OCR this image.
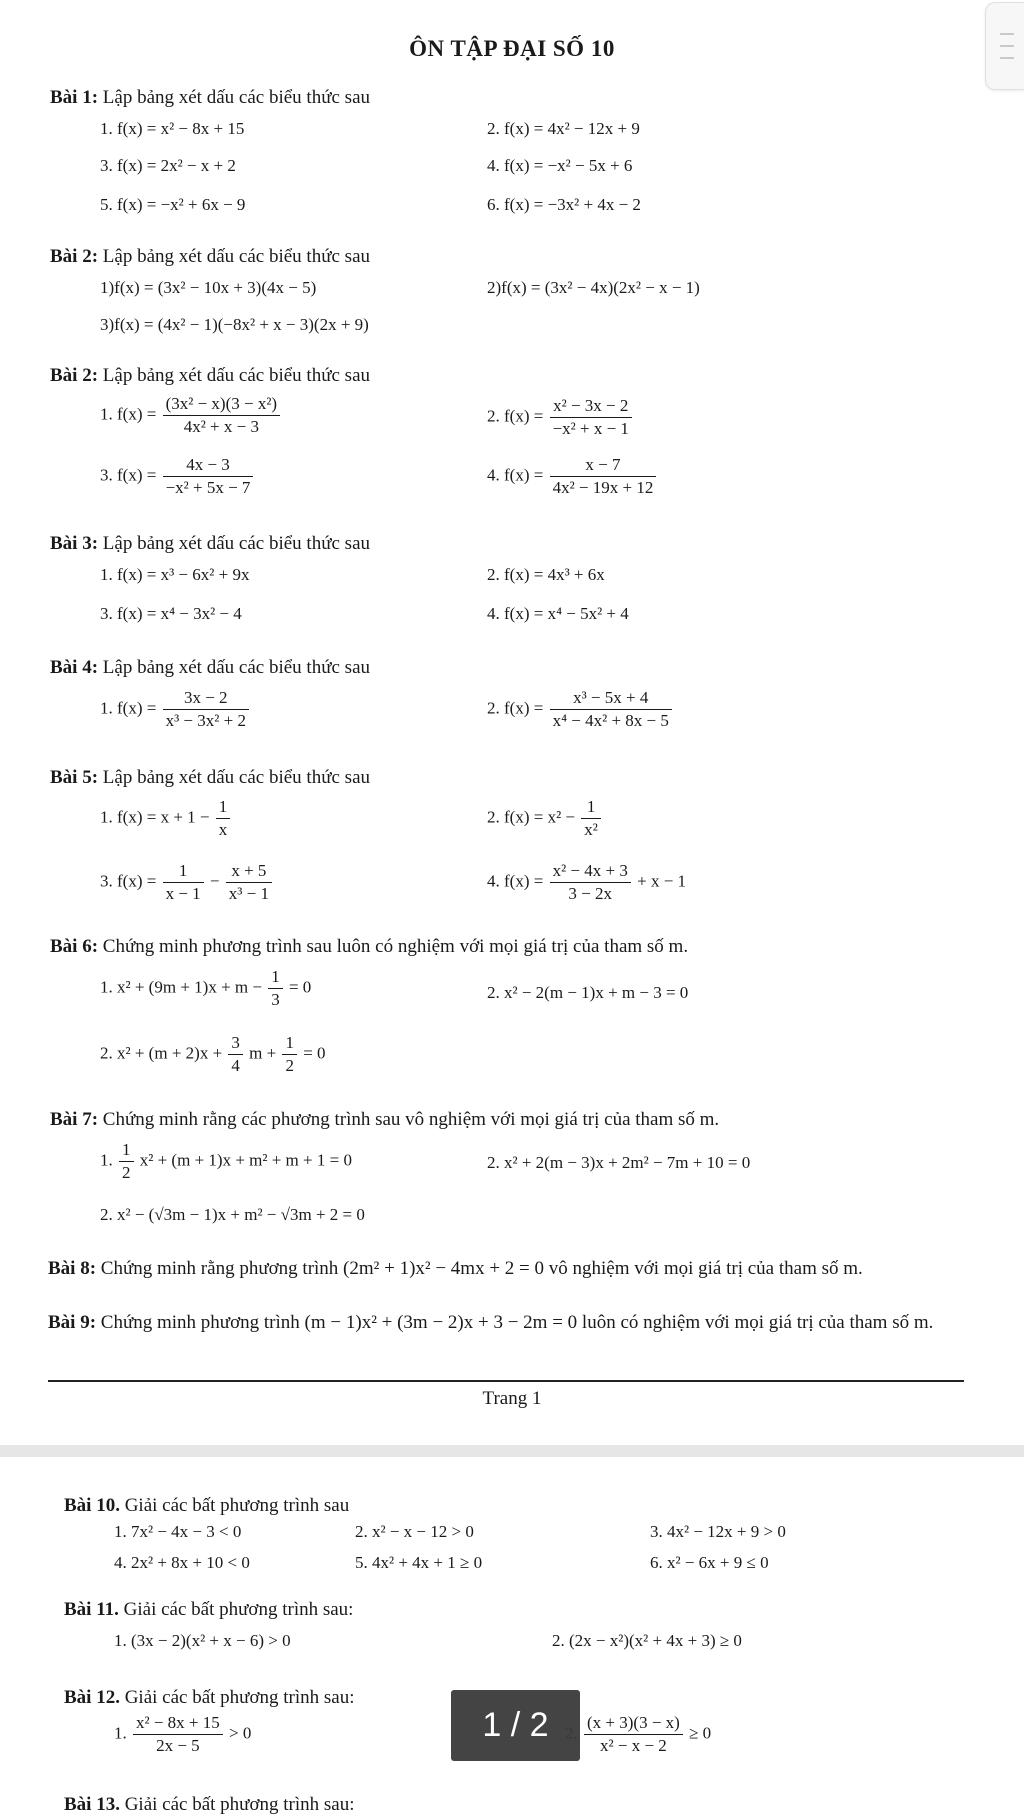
ÔN TẬP ĐẠI SỐ 10
Bài 1: Lập bảng xét dấu các biểu thức sau
1. f(x) = x² − 8x + 15	2. f(x) = 4x² − 12x + 9
3. f(x) = 2x² − x + 2	4. f(x) = −x² − 5x + 6
5. f(x) = −x² + 6x − 9	6. f(x) = −3x² + 4x − 2
Bài 2: Lập bảng xét dấu các biểu thức sau
1)f(x) = (3x² − 10x + 3)(4x − 5)	2)f(x) = (3x² − 4x)(2x² − x − 1)
3)f(x) = (4x² − 1)(−8x² + x − 3)(2x + 9)
Bài 2: Lập bảng xét dấu các biểu thức sau
1. $f(x) = \frac{\text{(3x² − x)(3 − x²)}}{\text{4x² + x − 3}}$	2. $f(x) = \frac{\text{x² − 3x − 2}}{\text{−x² + x − 1}}$
3. $f(x) = \frac{4x - 3}{\text{−x² + 5x − 7}}$	4. $f(x) = \frac{x - 7}{\text{4x² − 19x + 12}}$
Bài 3: Lập bảng xét dấu các biểu thức sau
1. f(x) = x³ − 6x² + 9x	2. f(x) = 4x³ + 6x
3. f(x) = x⁴ − 3x² − 4	4. f(x) = x⁴ − 5x² + 4
Bài 4: Lập bảng xét dấu các biểu thức sau
1. $f(x) = \frac{3x - 2}{\text{x³ − 3x² + 2}}$	2. $f(x) = \frac{\text{x³ − 5x + 4}}{\text{x⁴ − 4x² + 8x − 5}}$
Bài 5: Lập bảng xét dấu các biểu thức sau
1. $f(x) = x + 1 - \frac{1}{x}$	2. $f(x) = x^2 - \frac{1}{\text{x²}}$
3. $f(x) = \frac{1}{x - 1} - \frac{x + 5}{\text{x³ − 1}}$	4. $f(x) = \frac{\text{x² − 4x + 3}}{3 - 2x} + x - 1$
Bài 6: Chứng minh phương trình sau luôn có nghiệm với mọi giá trị của tham số m.
1. $x^2 + (9m + 1)x + m - \frac{1}{3} = 0$	2. x² − 2(m − 1)x + m − 3 = 0
2. $x^2 + (m + 2)x + \frac{3}{4}$ $m + \frac{1}{2} = 0$
Bài 7: Chứng minh rằng các phương trình sau vô nghiệm với mọi giá trị của tham số m.
1. $\frac{1}{2} x^2 + (m + 1)x + m^2 + m + 1 = 0$	2. x² + 2(m − 3)x + 2m² − 7m + 10 = 0
2. x² − (√3m − 1)x + m² − √3m + 2 = 0
Bài 8: Chứng minh rằng phương trình (2m² + 1)x² − 4mx + 2 = 0 vô nghiệm với mọi giá trị của tham số m.
Bài 9: Chứng minh phương trình (m − 1)x² + (3m − 2)x + 3 − 2m = 0 luôn có nghiệm với mọi giá trị của tham số m.
Trang 1
Bài 10. Giải các bất phương trình sau
1. 7x² − 4x − 3 < 0	2. x² − x − 12 > 0	3. 4x² − 12x + 9 > 0
4. 2x² + 8x + 10 < 0	5. 4x² + 4x + 1 ≥ 0	6. x² − 6x + 9 ≤ 0
Bài 11. Giải các bất phương trình sau:
1. (3x − 2)(x² + x − 6) > 0	2. (2x − x²)(x² + 4x + 3) ≥ 0
Bài 12. Giải các bất phương trình sau:
1. $\frac{\text{x² − 8x + 15}}{2x - 5} > 0$	$\frac{(x + 3)(3 - x)}{\text{x² − x − 2}} \ge 0$
Bài 13. Giải các bất phương trình sau:
1 / 2
